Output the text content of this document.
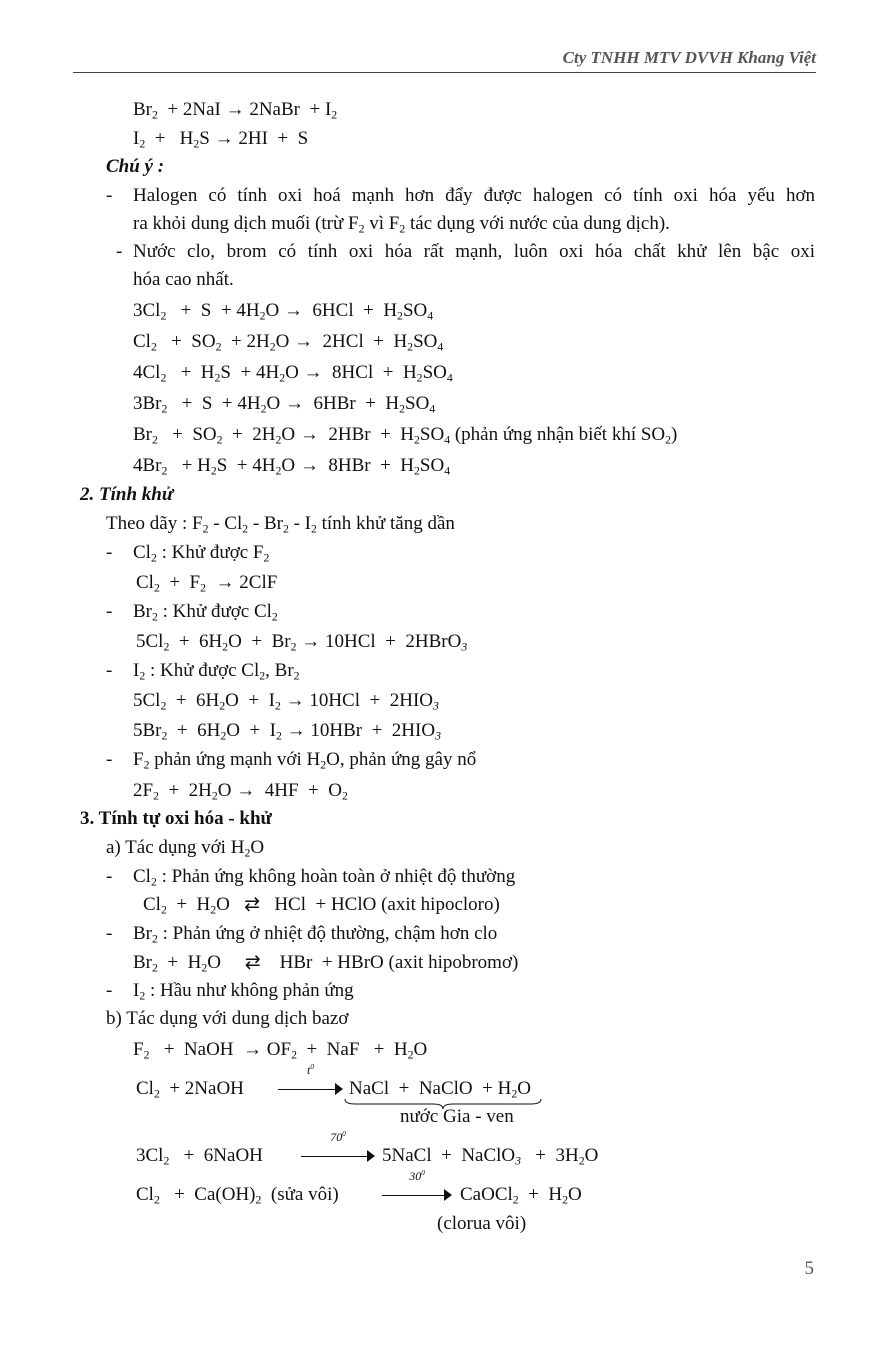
Cty TNHH MTV DVVH Khang Việt
$Br_2 + 2NaI$ → 2NaBr  + $I_2$
$I_2 + H_2S \to 2HI + S$
Chú ý :
- Halogen có tính oxi hoá mạnh hơn đẩy được halogen có tính oxi hóa yếu hơn
ra khỏi dung dịch muối (trừ $F_2$ vì $F_2$ tác dụng với nước của dung dịch).
- Nước clo, brom có tính oxi hóa rất mạnh, luôn oxi hóa chất khử lên bậc oxi
hóa cao nhất.
$3Cl_2 + S + 4H_2O \to 6HCl + H_2SO_4$
$Cl_2 + SO_2 + 2H_2O \to 2HCl + H_2SO_4$
$4Cl_2 + H_2S + 4H_2O \to 8HCl + H_2SO_4$
$3Br_2 + S + 4H_2O \to 6HBr + H_2SO_4$
$Br_2 + SO_2 + 2H_2O \to 2HBr + H_2SO_4$ (phản ứng nhận biết khí $SO_2$)
$4Br_2 + H_2S + 4H_2O \to 8HBr + H_2SO_4$
2. Tính khử
Theo dãy : $F_2 - Cl_2 - Br_2 - I_2$ tính khử tăng dần
- $Cl_2$ : Khử được $F_2$
$Cl_2 + F_2 \to 2ClF$
- $Br_2$ : Khử được $Cl_2$
$5Cl_2 + 6H_2O + Br_2 \to 10HCl$  +  2HBrO$_3$
- $I_2$ : Khử được $Cl_2$, $Br_2$
$5Cl_2 + 6H_2O + I_2 \to 10HCl + 2HIO_3$
$5Br_2 + 6H_2O + I_2 \to 10HBr + 2HIO_3$
- $F_2$ phản ứng mạnh với $H_2O$, phản ứng gây nổ
$2F_2 + 2H_2O \to 4HF + O_2$
3. Tính tự oxi hóa - khử
a) Tác dụng với $H_2O$
- $Cl_2$ : Phản ứng không hoàn toàn ở nhiệt độ thường
$Cl_2 + H_2O$   ⇄   HCl  + HClO (axit hipocloro)
- $Br_2$ : Phản ứng ở nhiệt độ thường, chậm hơn clo
$Br_2 + H_2O$     ⇄    HBr  + HBrO (axit hipobromơ)
- $I_2$ : Hầu như không phản ứng
b) Tác dụng với dung dịch bazơ
$F_2$   +  NaOH  → $OF_2$  +  NaF   +  $H_2O$
$Cl_2$  + 2NaOH
$t^0$
NaCl  +  NaClO  + $H_2O$
nước Gia - ven
$3Cl_2$   +  6NaOH
$70^0$
5NaCl  +  NaClO$_3$   +  $3H_2O$
$Cl_2 + Ca(OH)_2$ (sửa vôi)
$30^0$
CaOCl$_2$  +  $H_2O$
(clorua vôi)
5
